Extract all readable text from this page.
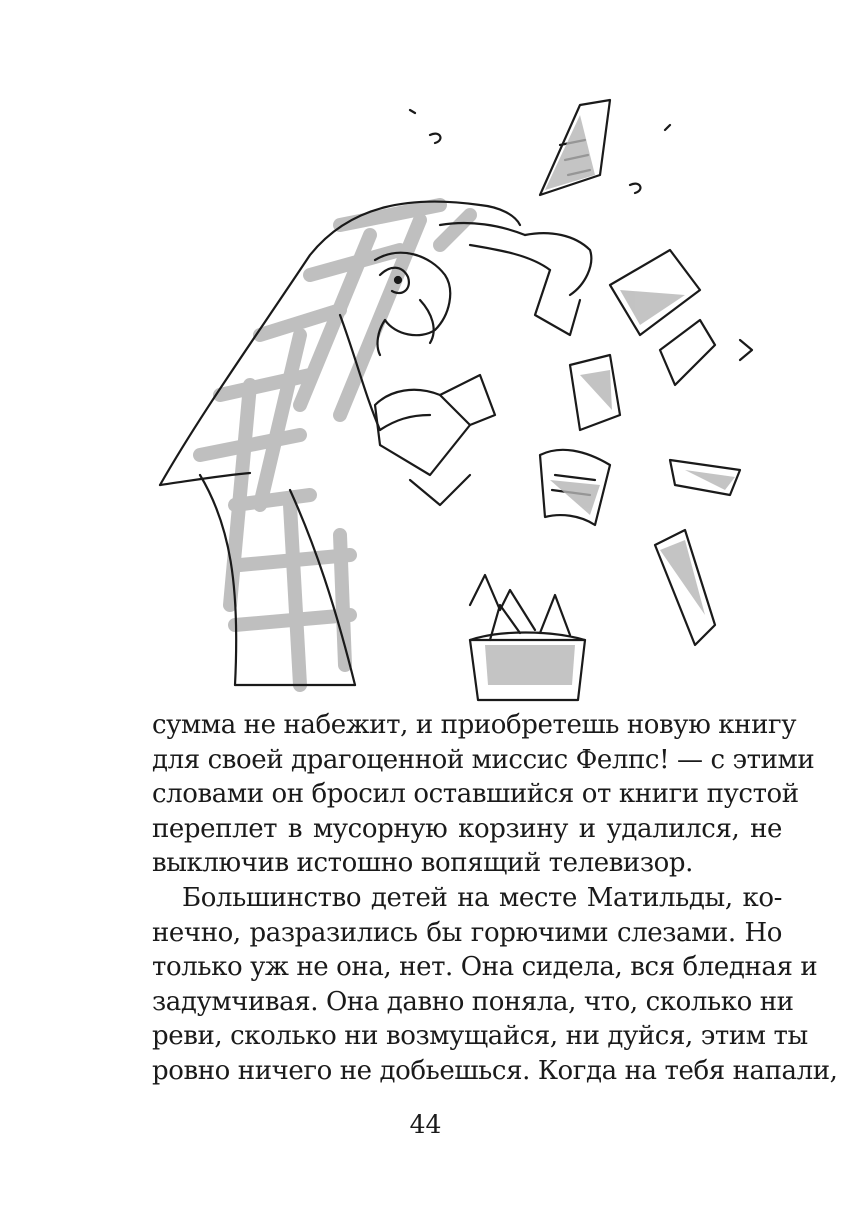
сумма не набежит, и приобретешь новую книгу
для своей драгоценной миссис Фелпс! — с этими
словами он бросил оставшийся от книги пустой
переплет в мусорную корзину и удалился, не
выключив истошно вопящий телевизор.
Большинство детей на месте Матильды, ко-
нечно, разразились бы горючими слезами. Но
только уж не она, нет. Она сидела, вся бледная и
задумчивая. Она давно поняла, что, сколько ни
реви, сколько ни возмущайся, ни дуйся, этим ты
ровно ничего не добьешься. Когда на тебя напали,
44
